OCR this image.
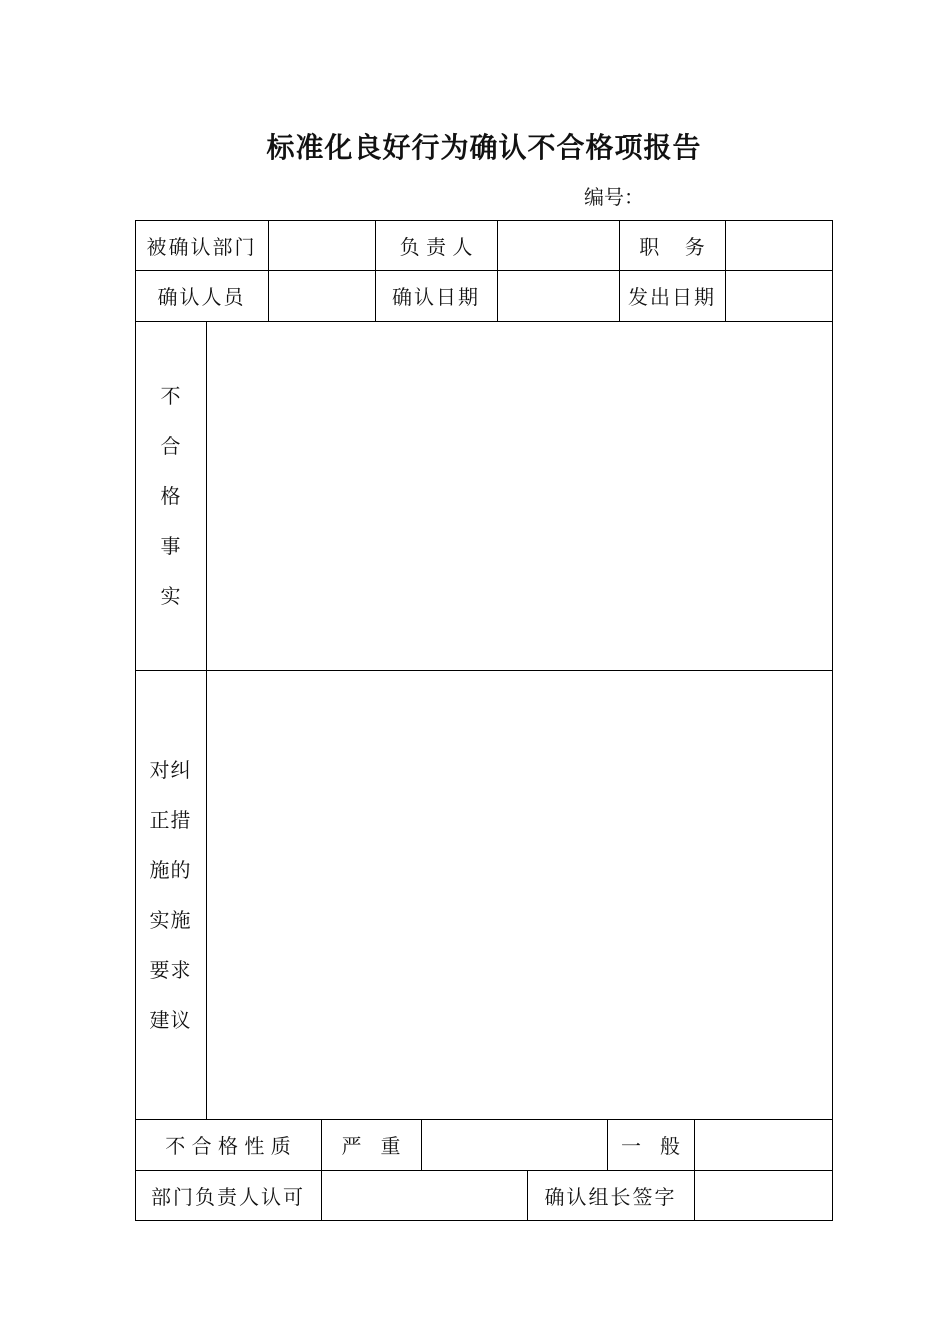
标准化良好行为确认不合格项报告
编号：
被确认部门	负 责 人	职    务
确认人员	确认日期	发出日期
不
合
格
事
实
对纠
正措
施的
实施
要求
建议
不 合 格 性 质	严   重	一   般
部门负责人认可	确认组长签字
